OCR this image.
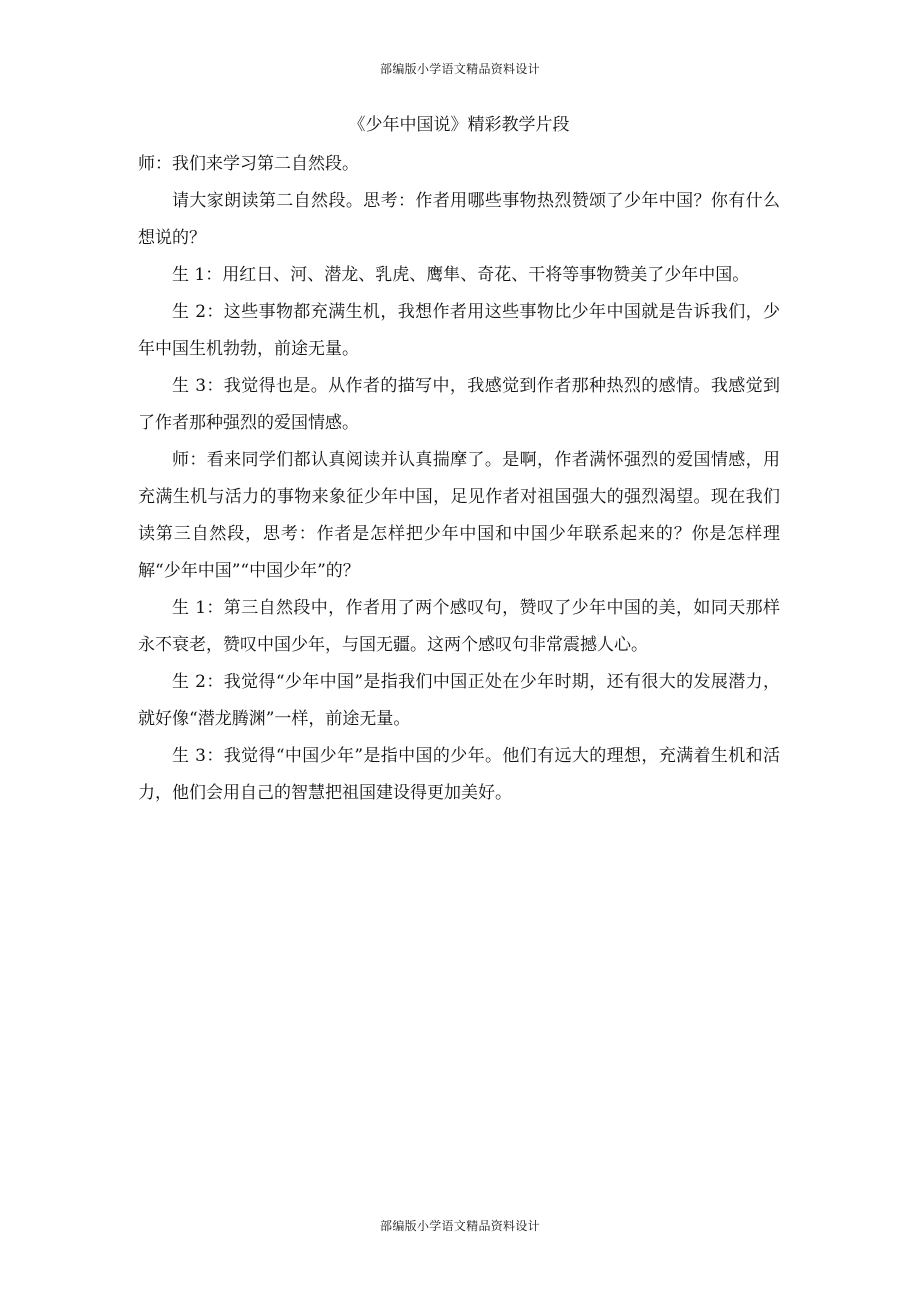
部编版小学语文精品资料设计
《少年中国说》精彩教学片段

师：我们来学习第二自然段。

请大家朗读第二自然段。思考：作者用哪些事物热烈赞颂了少年中国？你有什么想说的？

生 1：用红日、河、潜龙、乳虎、鹰隼、奇花、干将等事物赞美了少年中国。

生 2：这些事物都充满生机，我想作者用这些事物比少年中国就是告诉我们，少年中国生机勃勃，前途无量。

生 3：我觉得也是。从作者的描写中，我感觉到作者那种热烈的感情。我感觉到了作者那种强烈的爱国情感。

师：看来同学们都认真阅读并认真揣摩了。是啊，作者满怀强烈的爱国情感，用充满生机与活力的事物来象征少年中国，足见作者对祖国强大的强烈渴望。现在我们读第三自然段，思考：作者是怎样把少年中国和中国少年联系起来的？你是怎样理解“少年中国”“中国少年”的？

生 1：第三自然段中，作者用了两个感叹句，赞叹了少年中国的美，如同天那样永不衰老，赞叹中国少年，与国无疆。这两个感叹句非常震撼人心。

生 2：我觉得“少年中国”是指我们中国正处在少年时期，还有很大的发展潜力，就好像“潜龙腾渊”一样，前途无量。

生 3：我觉得“中国少年”是指中国的少年。他们有远大的理想，充满着生机和活力，他们会用自己的智慧把祖国建设得更加美好。

部编版小学语文精品资料设计
